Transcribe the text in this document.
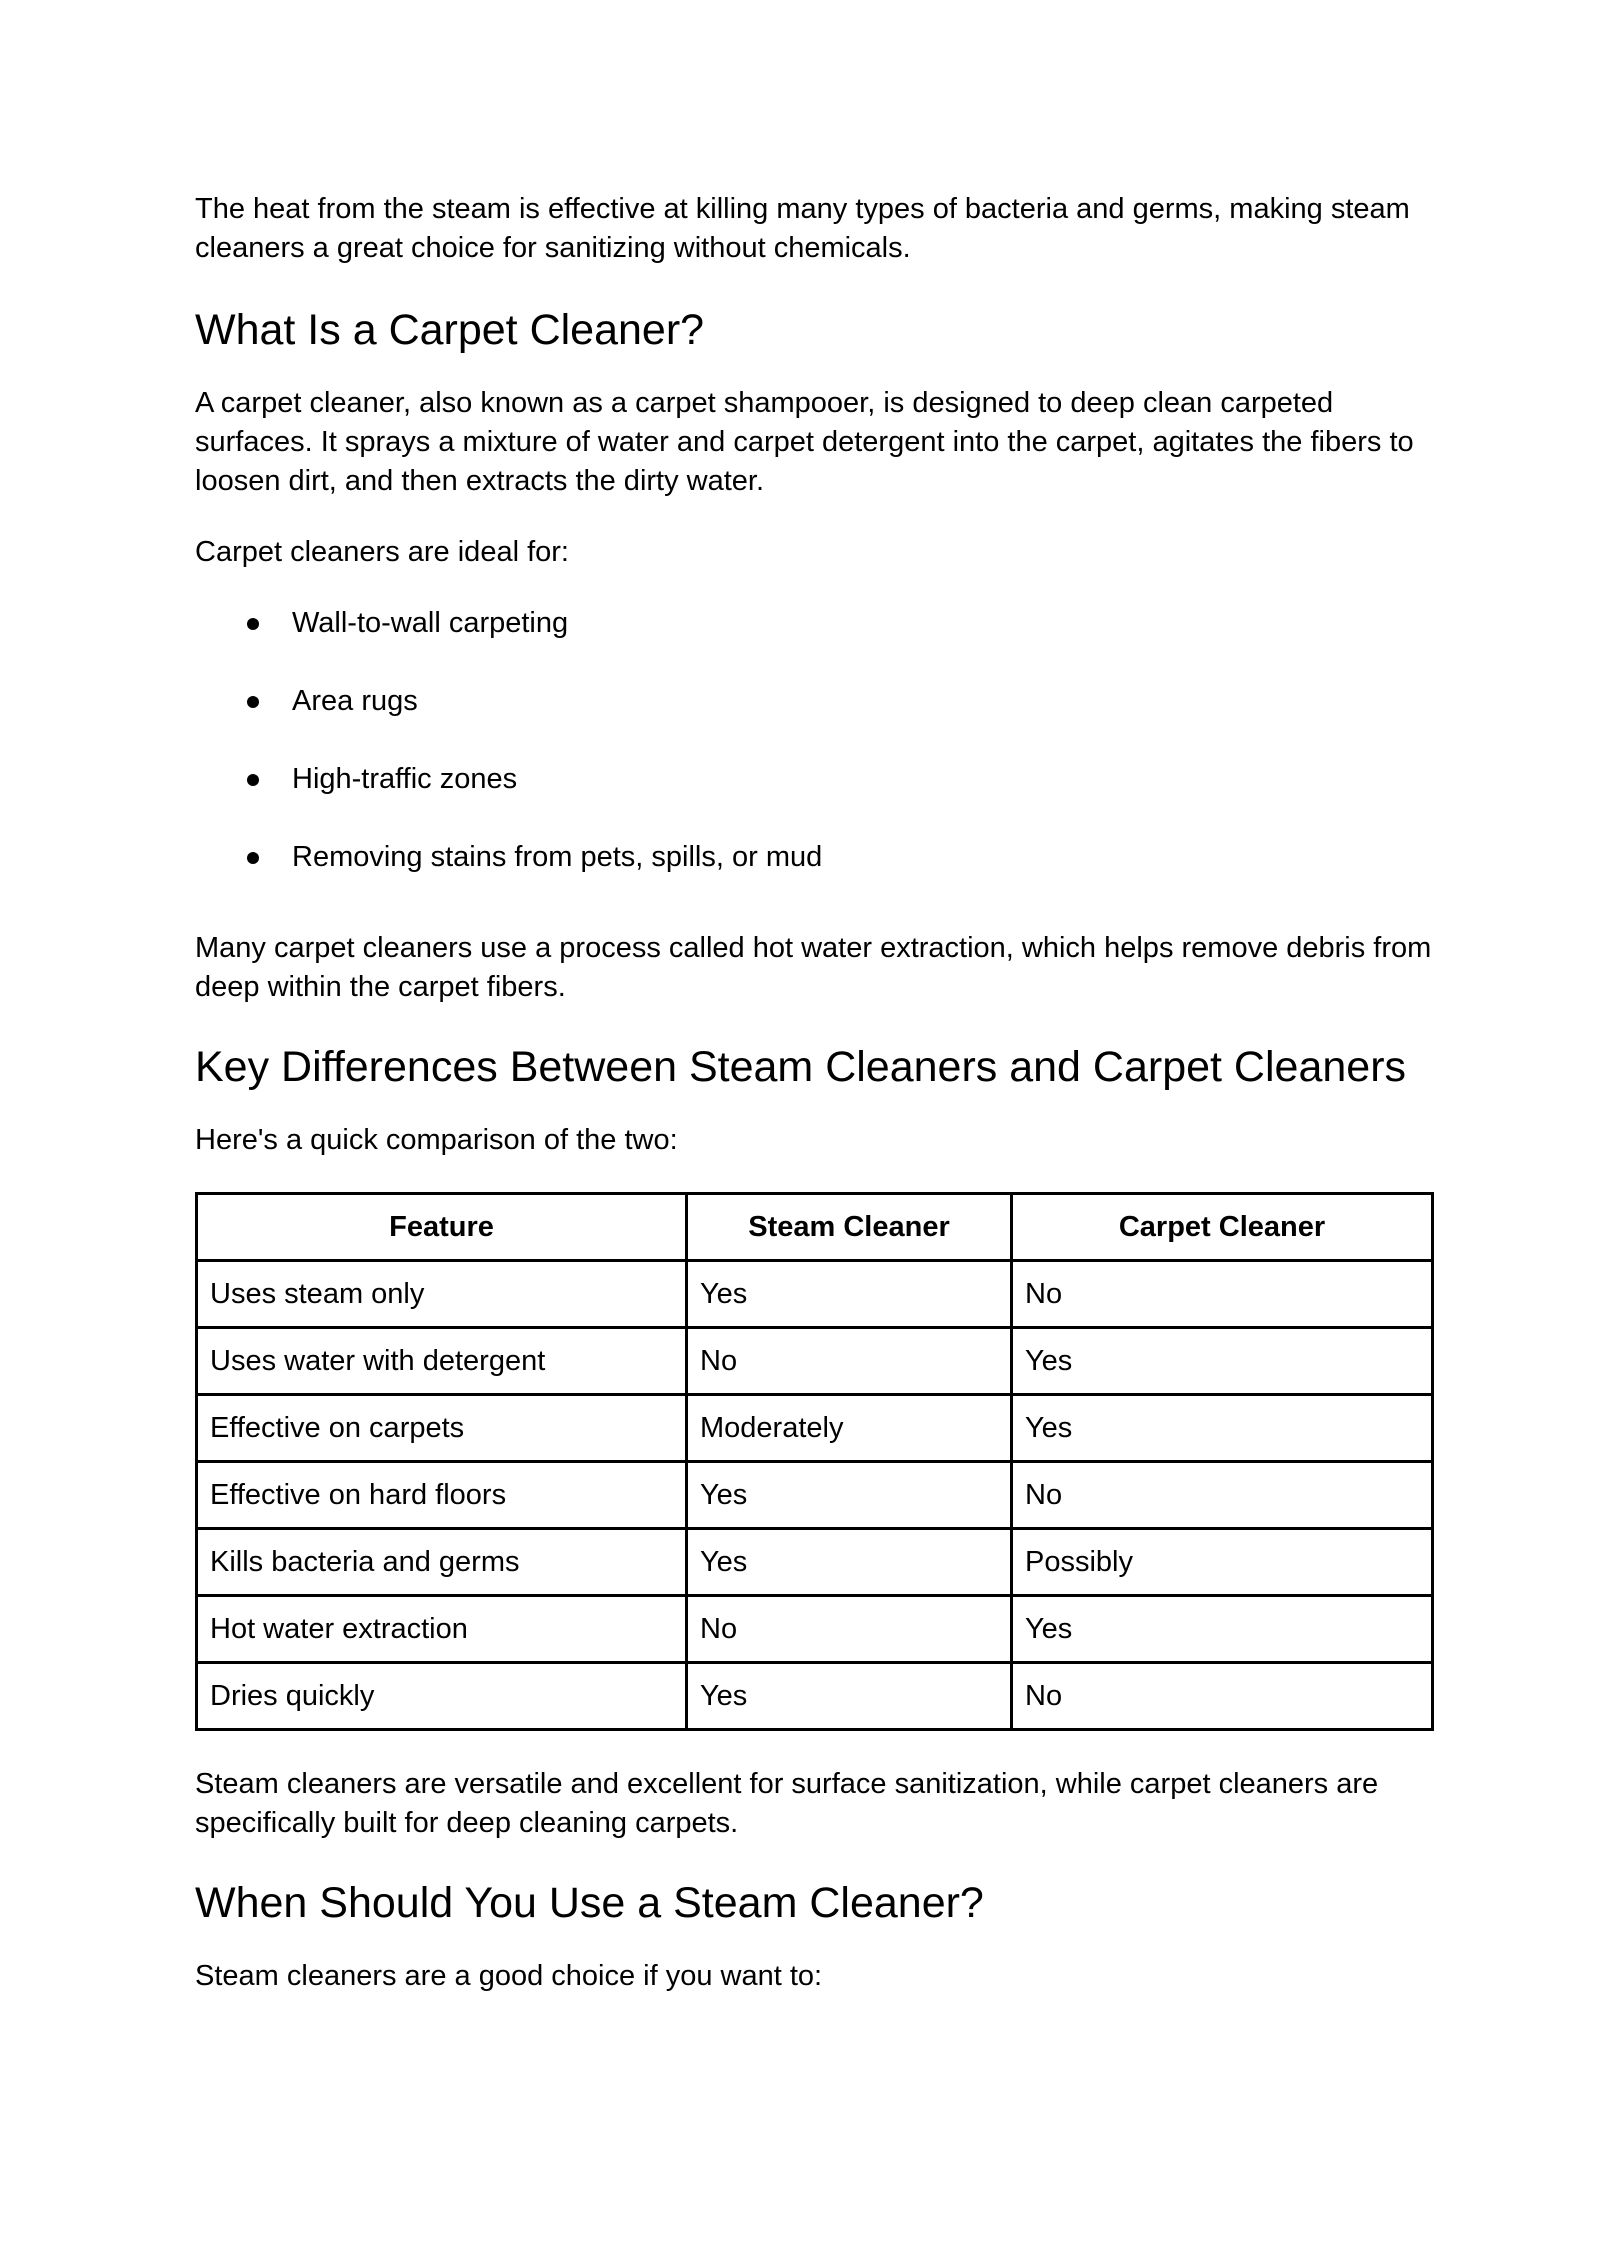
The heat from the steam is effective at killing many types of bacteria and germs, making steam cleaners a great choice for sanitizing without chemicals.

What Is a Carpet Cleaner?

A carpet cleaner, also known as a carpet shampooer, is designed to deep clean carpeted surfaces. It sprays a mixture of water and carpet detergent into the carpet, agitates the fibers to loosen dirt, and then extracts the dirty water.

Carpet cleaners are ideal for:

Wall-to-wall carpeting
Area rugs
High-traffic zones
Removing stains from pets, spills, or mud

Many carpet cleaners use a process called hot water extraction, which helps remove debris from deep within the carpet fibers.

Key Differences Between Steam Cleaners and Carpet Cleaners

Here's a quick comparison of the two:

Feature	Steam Cleaner	Carpet Cleaner
Uses steam only	Yes	No
Uses water with detergent	No	Yes
Effective on carpets	Moderately	Yes
Effective on hard floors	Yes	No
Kills bacteria and germs	Yes	Possibly
Hot water extraction	No	Yes
Dries quickly	Yes	No

Steam cleaners are versatile and excellent for surface sanitization, while carpet cleaners are specifically built for deep cleaning carpets.

When Should You Use a Steam Cleaner?

Steam cleaners are a good choice if you want to:
